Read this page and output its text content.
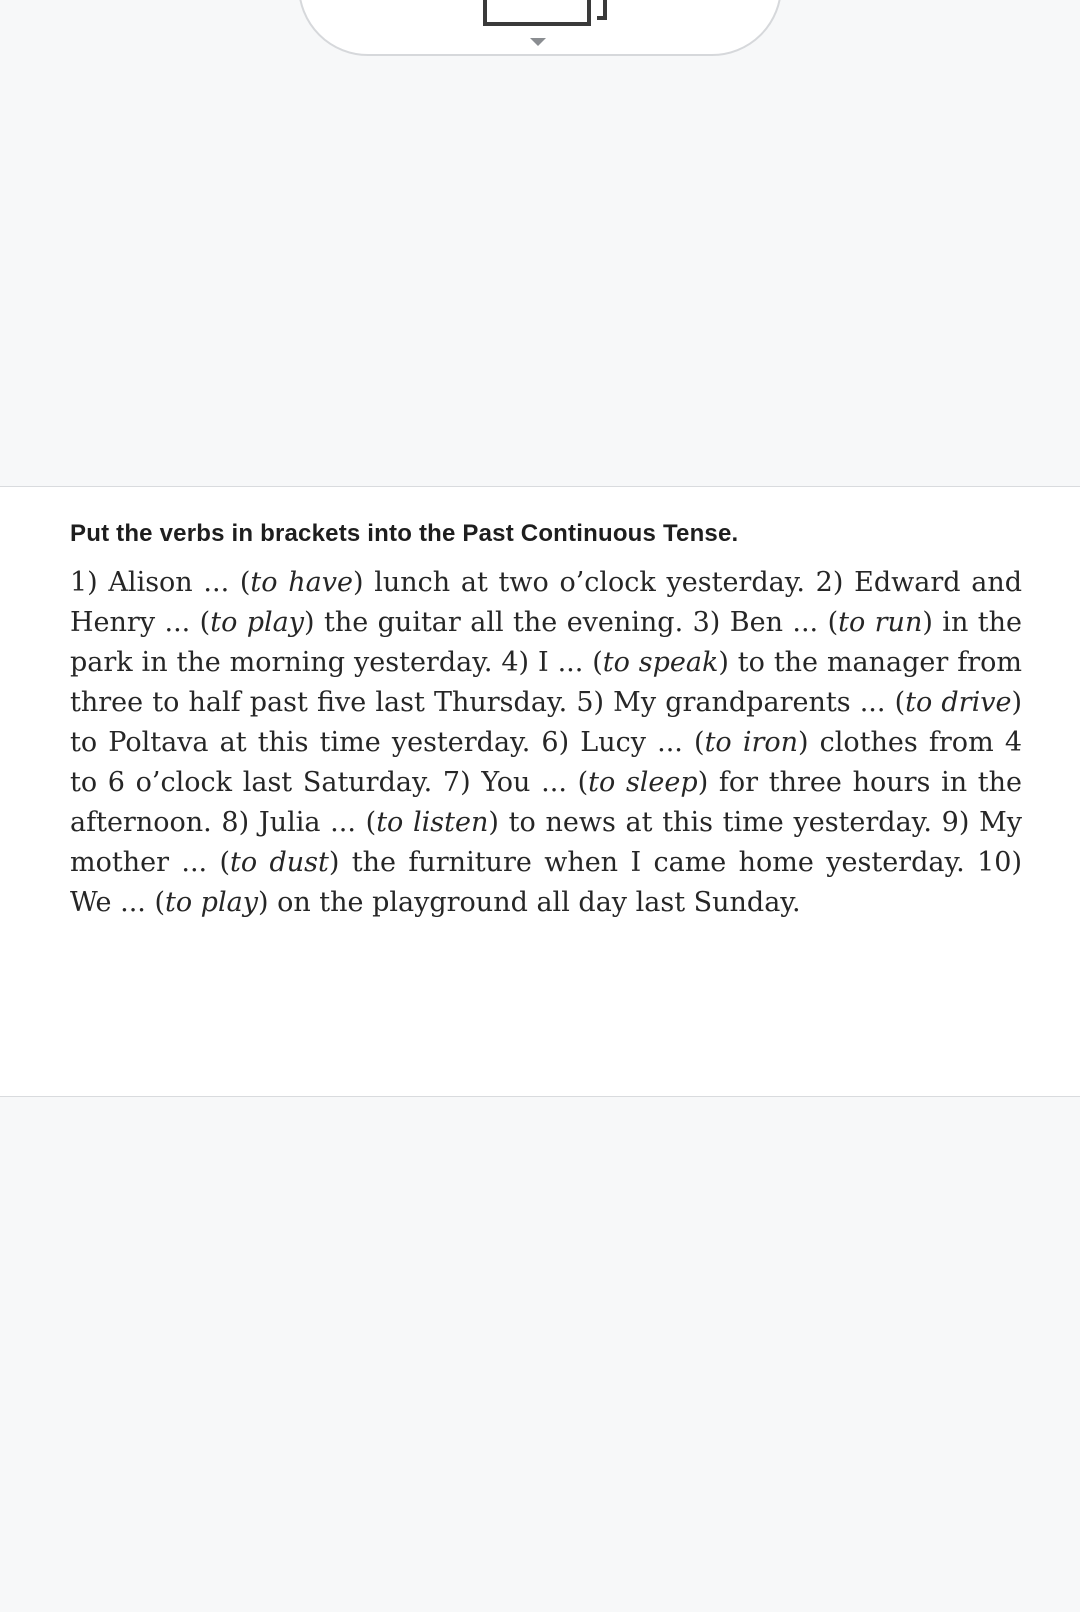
Put the verbs in brackets into the Past Continuous Tense.
1) Alison ... (to have) lunch at two o’clock yesterday. 2) Edward and Henry ... (to play) the guitar all the evening. 3) Ben ... (to run) in the park in the morning yesterday. 4) I ... (to speak) to the manager from three to half past five last Thursday. 5) My grandparents ... (to drive) to Poltava at this time yesterday. 6) Lucy ... (to iron) clothes from 4 to 6 o’clock last Saturday. 7) You ... (to sleep) for three hours in the afternoon. 8) Julia ... (to listen) to news at this time yesterday. 9) My mother ... (to dust) the furniture when I came home yesterday. 10) We ... (to play) on the playground all day last Sunday.
